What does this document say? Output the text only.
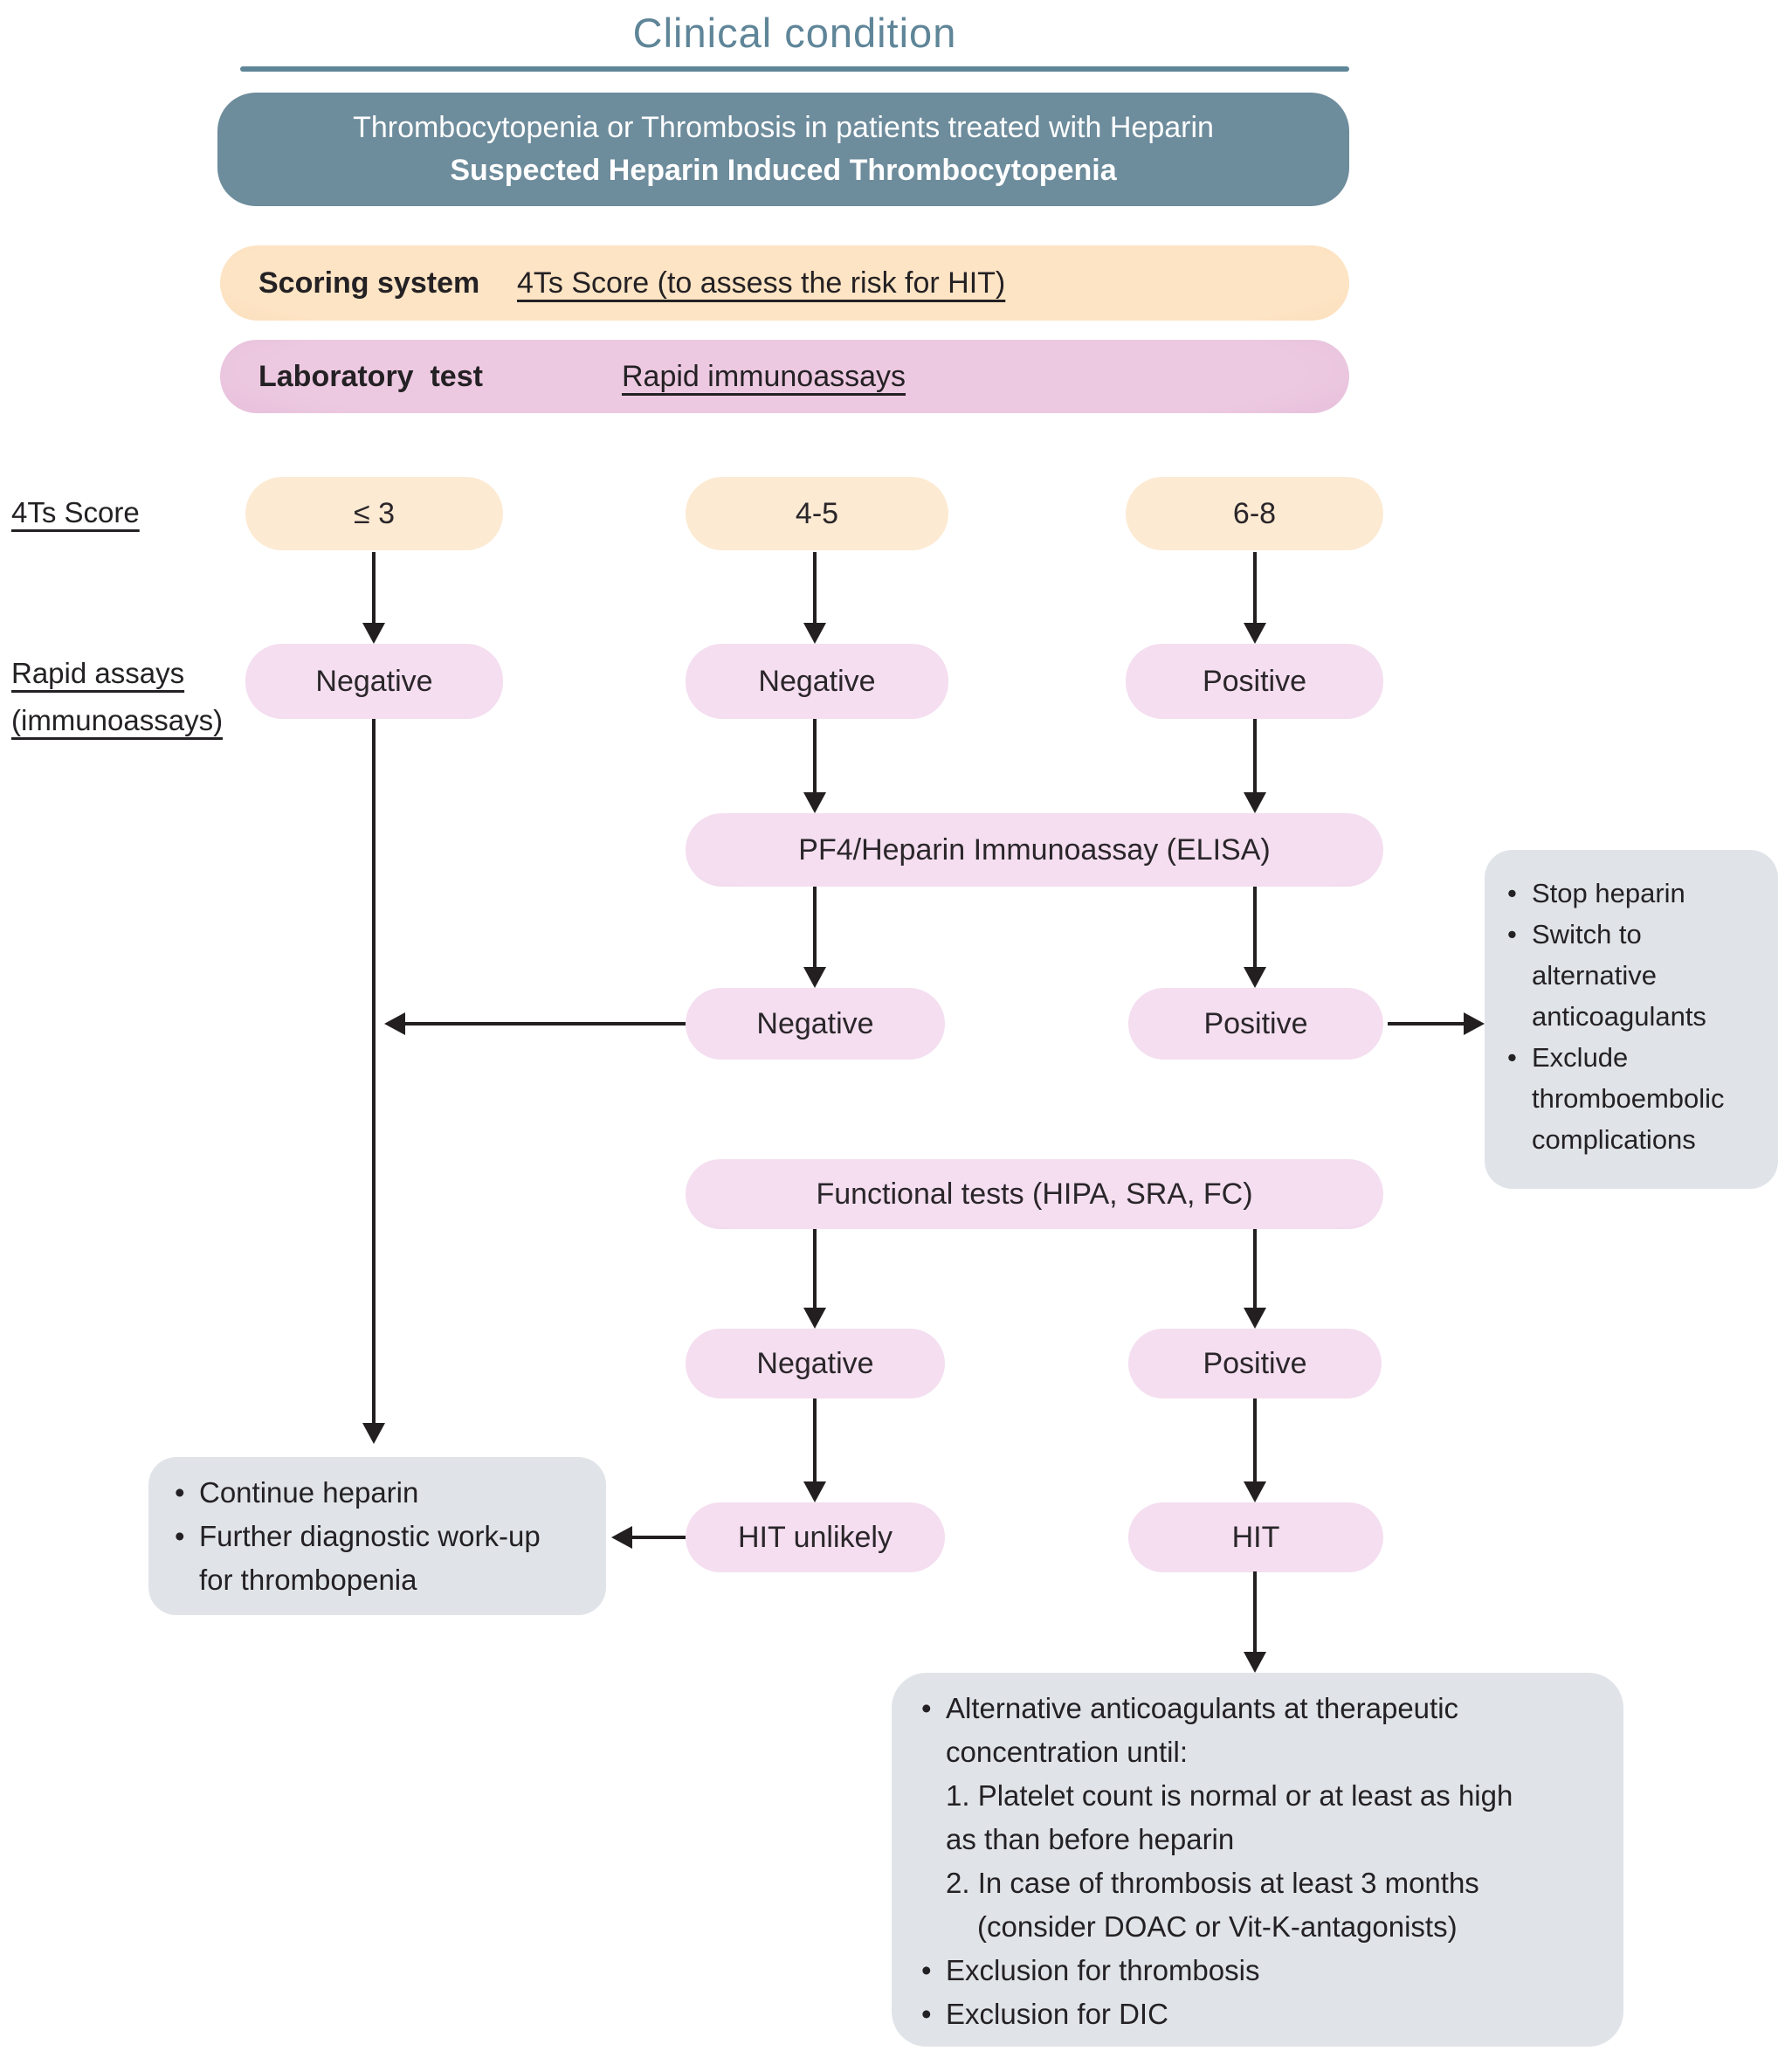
Clinical condition
Thrombocytopenia or Thrombosis in patients treated with Heparin
Suspected Heparin Induced Thrombocytopenia
Scoring system 4Ts Score (to assess the risk for HIT)
Laboratory  test	Rapid immunoassays
4Ts Score
Rapid assays
(immunoassays)
≤ 3	4-5	6-8
Negative	Negative	Positive
PF4/Heparin Immunoassay (ELISA)
Negative	Positive
Functional tests (HIPA, SRA, FC)
Negative	Positive
HIT unlikely	HIT
• Stop heparin
• Switch to
alternative
anticoagulants
• Exclude
thromboembolic
complications
• Continue heparin
• Further diagnostic work-up
for thrombopenia
• Alternative anticoagulants at therapeutic
concentration until:
1. Platelet count is normal or at least as high
as than before heparin
2. In case of thrombosis at least 3 months
(consider DOAC or Vit-K-antagonists)
• Exclusion for thrombosis
• Exclusion for DIC
